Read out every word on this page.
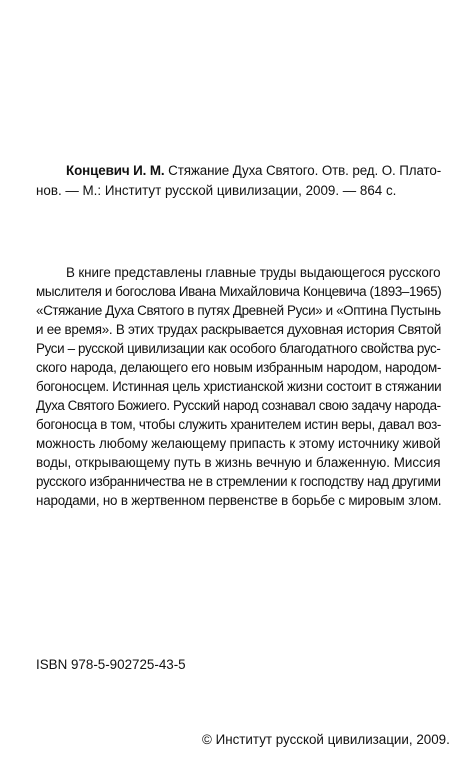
Концевич И. М. Стяжание Духа Святого. Отв. ред. О. Плато-
нов. — М.: Институт русской цивилизации, 2009. — 864 с.
В книге представлены главные труды выдающегося русского
мыслителя и богослова Ивана Михайловича Концевича (1893–1965)
«Стяжание Духа Святого в путях Древней Руси» и «Оптина Пустынь
и ее время». В этих трудах раскрывается духовная история Святой
Руси – русской цивилизации как особого благодатного свойства рус-
ского народа, делающего его новым избранным народом, народом-
богоносцем. Истинная цель христианской жизни состоит в стяжании
Духа Святого Божиего. Русский народ сознавал свою задачу народа-
богоносца в том, чтобы служить хранителем истин веры, давал воз-
можность любому желающему припасть к этому источнику живой
воды, открывающему путь в жизнь вечную и блаженную. Миссия
русского избранничества не в стремлении к господству над другими
народами, но в жертвенном первенстве в борьбе с мировым злом.
ISBN 978-5-902725-43-5
© Институт русской цивилизации, 2009.
